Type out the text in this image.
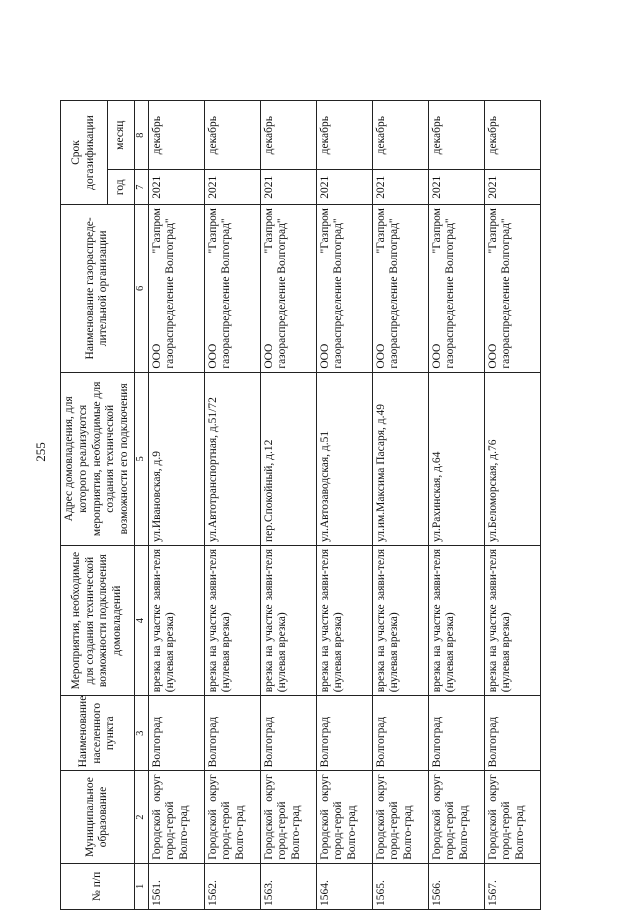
255
№ п/п	Муниципальное образование	Наименование населенного пункта	Мероприятия, необходимые для создания технической возможности подключения домовладений	Адрес домовладения, для которого реализуются мероприятия, необходимые для создания технической возможности его подключения	Наименование газораспреде-лительной организации	Срок догазификации	
						год	месяц
1	2	3	4	5	6	7	8
1561.	Городской округ город-герой Волго-град	Волгоград	врезка на участке заяви-теля (нулевая врезка)	ул.Ивановская, д.9	ООО "Газпром газораспределение Волгоград"	2021	декабрь
1562.	Городской округ город-герой Волго-град	Волгоград	врезка на участке заяви-теля (нулевая врезка)	ул.Автотранспортная, д.51/72	ООО "Газпром газораспределение Волгоград"	2021	декабрь
1563.	Городской округ город-герой Волго-град	Волгоград	врезка на участке заяви-теля (нулевая врезка)	пер.Спокойный, д.12	ООО "Газпром газораспределение Волгоград"	2021	декабрь
1564.	Городской округ город-герой Волго-град	Волгоград	врезка на участке заяви-теля (нулевая врезка)	ул.Автозаводская, д.51	ООО "Газпром газораспределение Волгоград"	2021	декабрь
1565.	Городской округ город-герой Волго-град	Волгоград	врезка на участке заяви-теля (нулевая врезка)	ул.им.Максима Пасаря, д.49	ООО "Газпром газораспределение Волгоград"	2021	декабрь
1566.	Городской округ город-герой Волго-град	Волгоград	врезка на участке заяви-теля (нулевая врезка)	ул.Рахинская, д.64	ООО "Газпром газораспределение Волгоград"	2021	декабрь
1567.	Городской округ город-герой Волго-град	Волгоград	врезка на участке заяви-теля (нулевая врезка)	ул.Беломорская, д.76	ООО "Газпром газораспределение Волгоград"	2021	декабрь
